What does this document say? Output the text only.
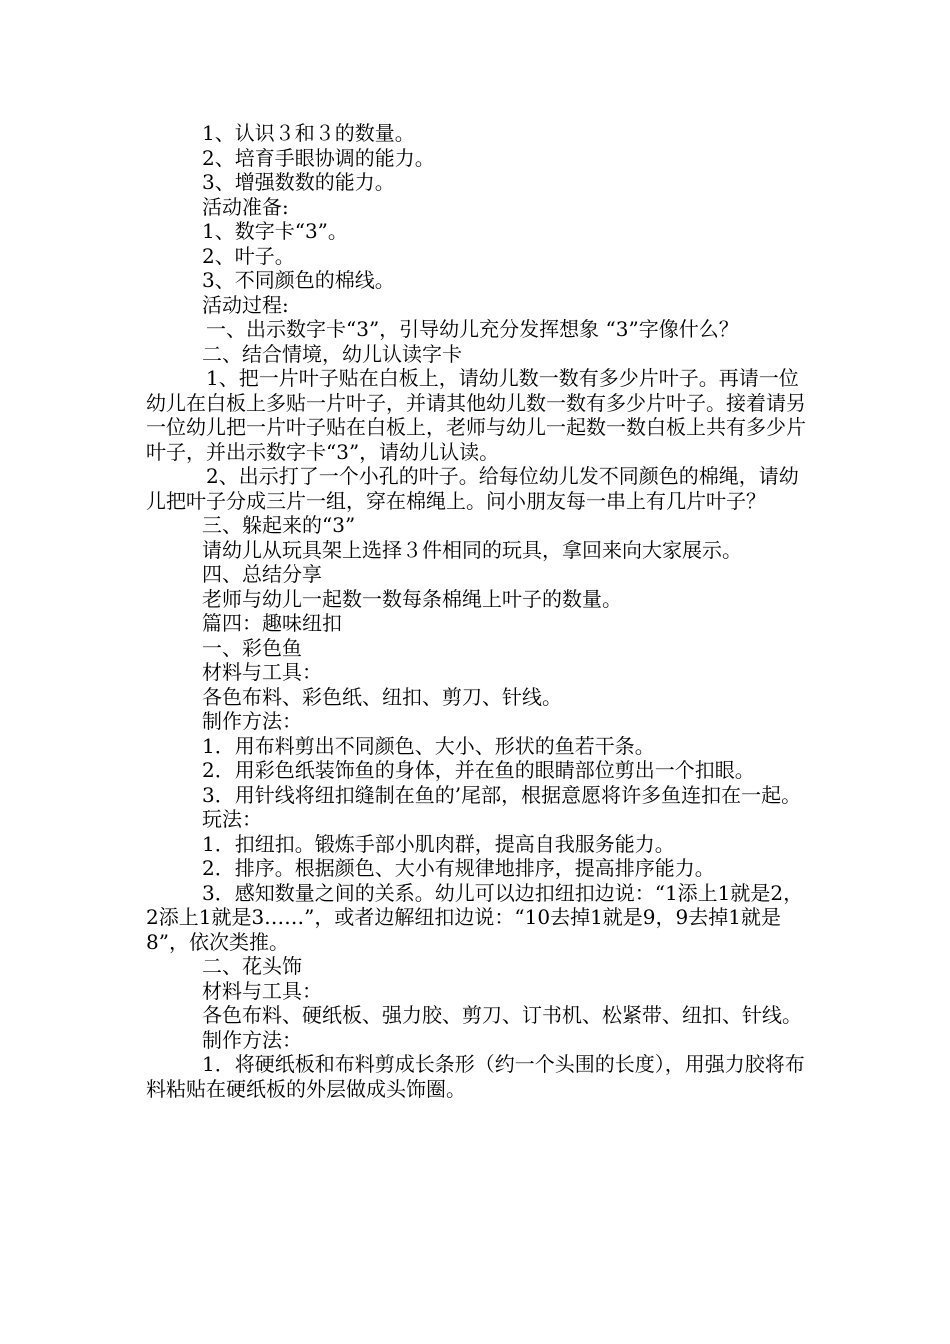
1、认识３和３的数量。

2、培育手眼协调的能力。

3、增强数数的能力。

活动准备:

1、数字卡“3”。

2、叶子。

3、不同颜色的棉线。

活动过程:

一、出示数字卡“3”，引导幼儿充分发挥想象 “3”字像什么？

二、结合情境，幼儿认读字卡

1、把一片叶子贴在白板上，请幼儿数一数有多少片叶子。再请一位幼儿在白板上多贴一片叶子，并请其他幼儿数一数有多少片叶子。接着请另一位幼儿把一片叶子贴在白板上，老师与幼儿一起数一数白板上共有多少片叶子，并出示数字卡“3”，请幼儿认读。

2、出示打了一个小孔的叶子。给每位幼儿发不同颜色的棉绳，请幼儿把叶子分成三片一组，穿在棉绳上。问小朋友每一串上有几片叶子？

三、躲起来的“3”

请幼儿从玩具架上选择３件相同的玩具，拿回来向大家展示。

四、总结分享

老师与幼儿一起数一数每条棉绳上叶子的数量。

篇四：趣味纽扣

一、彩色鱼

材料与工具：

各色布料、彩色纸、纽扣、剪刀、针线。

制作方法：

1．用布料剪出不同颜色、大小、形状的鱼若干条。

2．用彩色纸装饰鱼的身体，并在鱼的眼睛部位剪出一个扣眼。

3．用针线将纽扣缝制在鱼的’尾部，根据意愿将许多鱼连扣在一起。

玩法：

1．扣纽扣。锻炼手部小肌肉群，提高自我服务能力。

2．排序。根据颜色、大小有规律地排序，提高排序能力。

3．感知数量之间的关系。幼儿可以边扣纽扣边说：“1添上1就是2，2添上1就是3……”，或者边解纽扣边说：“10去掉1就是9，9去掉1就是8”，依次类推。

二、花头饰

材料与工具：

各色布料、硬纸板、强力胶、剪刀、订书机、松紧带、纽扣、针线。

制作方法：

1．将硬纸板和布料剪成长条形（约一个头围的长度），用强力胶将布料粘贴在硬纸板的外层做成头饰圈。
